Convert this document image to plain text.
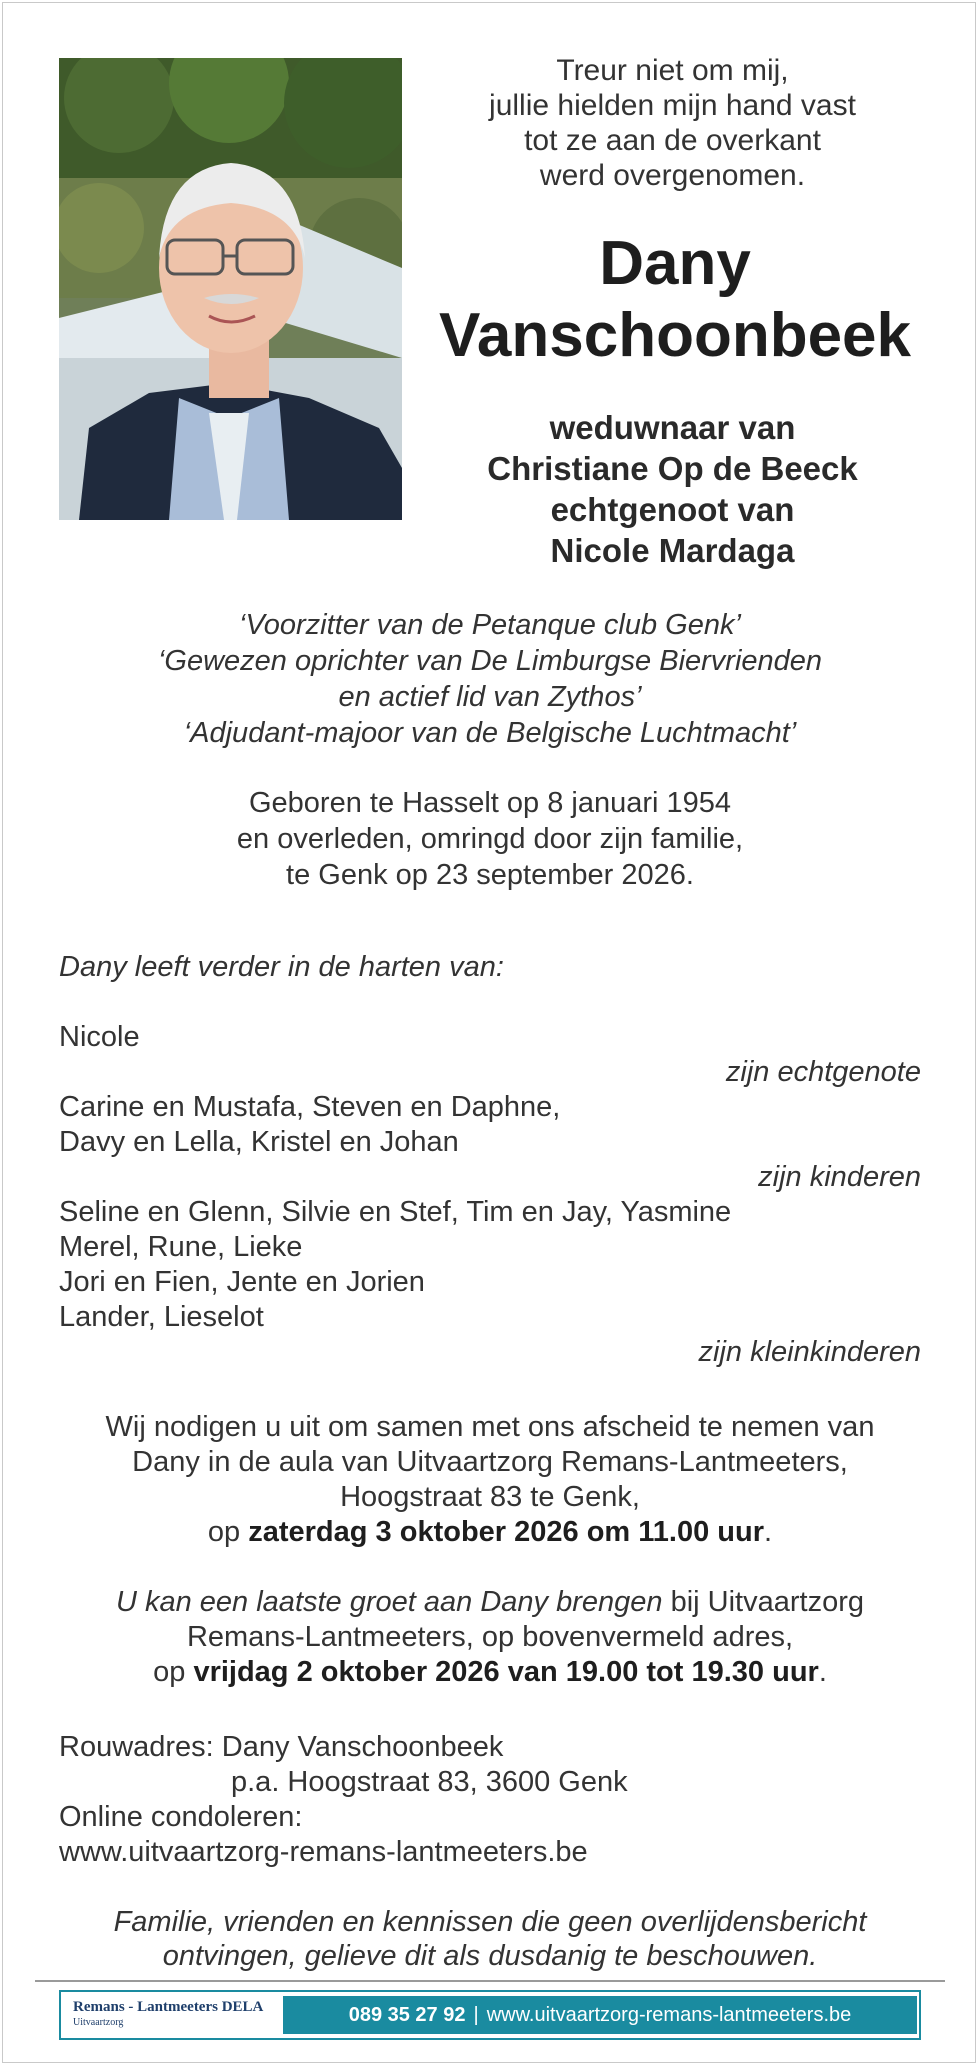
Treur niet om mij,
jullie hielden mijn hand vast
tot ze aan de overkant
werd overgenomen.
Dany
Vanschoonbeek
weduwnaar van
Christiane Op de Beeck
echtgenoot van
Nicole Mardaga
‘Voorzitter van de Petanque club Genk’
‘Gewezen oprichter van De Limburgse Biervrienden
en actief lid van Zythos’
‘Adjudant-majoor van de Belgische Luchtmacht’
Geboren te Hasselt op 8 januari 1954
en overleden, omringd door zijn familie,
te Genk op 23 september 2026.
Dany leeft verder in de harten van:
Nicole
zijn echtgenote
Carine en Mustafa, Steven en Daphne,
Davy en Lella, Kristel en Johan
zijn kinderen
Seline en Glenn, Silvie en Stef, Tim en Jay, Yasmine
Merel, Rune, Lieke
Jori en Fien, Jente en Jorien
Lander, Lieselot
zijn kleinkinderen
Wij nodigen u uit om samen met ons afscheid te nemen van
Dany in de aula van Uitvaartzorg Remans-Lantmeeters,
Hoogstraat 83 te Genk,
op zaterdag 3 oktober 2026 om 11.00 uur.
U kan een laatste groet aan Dany brengen bij Uitvaartzorg
Remans-Lantmeeters, op bovenvermeld adres,
op vrijdag 2 oktober 2026 van 19.00 tot 19.30 uur.
Rouwadres: Dany Vanschoonbeek
p.a. Hoogstraat 83, 3600 Genk
Online condoleren:
www.uitvaartzorg-remans-lantmeeters.be
Familie, vrienden en kennissen die geen overlijdensbericht
ontvingen, gelieve dit als dusdanig te beschouwen.
Remans - Lantmeeters DELA
Uitvaartzorg	089 35 27 92 | www.uitvaartzorg-remans-lantmeeters.be
